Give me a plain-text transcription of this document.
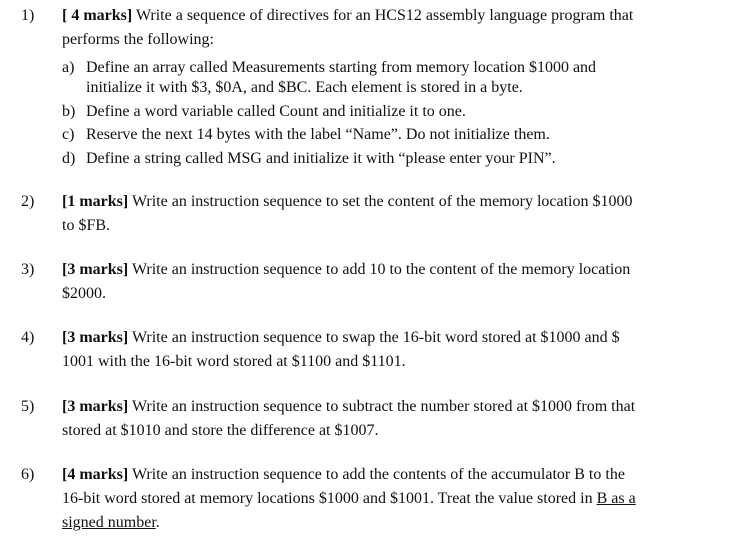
1) [ 4 marks] Write a sequence of directives for an HCS12 assembly language program that
performs the following:
a) Define an array called Measurements starting from memory location $1000 and
initialize it with $3, $0A, and $BC. Each element is stored in a byte.
b) Define a word variable called Count and initialize it to one.
c) Reserve the next 14 bytes with the label “Name”. Do not initialize them.
d) Define a string called MSG and initialize it with “please enter your PIN”.
2) [1 marks] Write an instruction sequence to set the content of the memory location $1000
to $FB.
3) [3 marks] Write an instruction sequence to add 10 to the content of the memory location
$2000.
4) [3 marks] Write an instruction sequence to swap the 16-bit word stored at $1000 and $
1001 with the 16-bit word stored at $1100 and $1101.
5) [3 marks] Write an instruction sequence to subtract the number stored at $1000 from that
stored at $1010 and store the difference at $1007.
6) [4 marks] Write an instruction sequence to add the contents of the accumulator B to the
16-bit word stored at memory locations $1000 and $1001. Treat the value stored in B as a
signed number.
